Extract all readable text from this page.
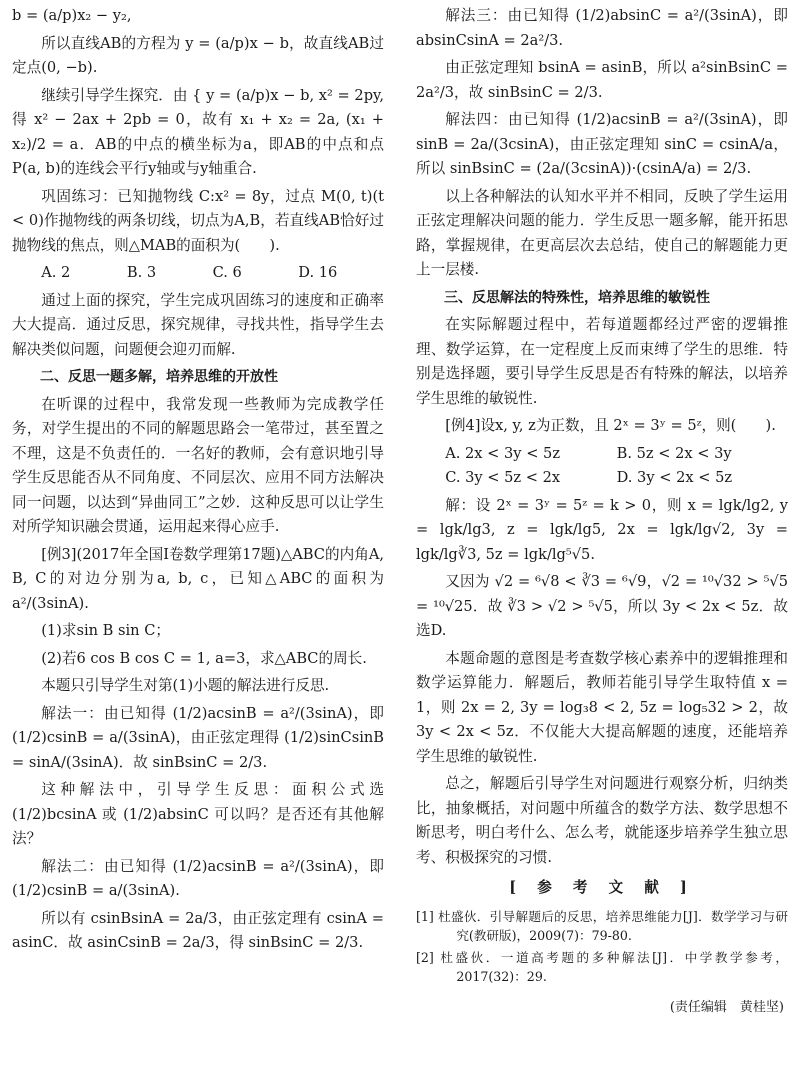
b = (a/p)x₂ − y₂,

所以直线AB的方程为 y = (a/p)x − b，故直线AB过定点(0, −b).

继续引导学生探究．由 { y = (a/p)x − b, x² = 2py, 得 x² − 2ax + 2pb = 0，故有 x₁ + x₂ = 2a, (x₁ + x₂)/2 = a．AB的中点的横坐标为a，即AB的中点和点P(a, b)的连线会平行y轴或与y轴重合.

巩固练习：已知抛物线 C:x² = 8y，过点 M(0, t)(t < 0)作抛物线的两条切线，切点为A,B，若直线AB恰好过抛物线的焦点，则△MAB的面积为(　　).

A. 2	B. 3	C. 6	D. 16

通过上面的探究，学生完成巩固练习的速度和正确率大大提高．通过反思，探究规律，寻找共性，指导学生去解决类似问题，问题便会迎刃而解.

二、反思一题多解，培养思维的开放性

在听课的过程中，我常发现一些教师为完成教学任务，对学生提出的不同的解题思路会一笔带过，甚至置之不理，这是不负责任的．一名好的教师，会有意识地引导学生反思能否从不同角度、不同层次、应用不同方法解决同一问题，以达到“异曲同工”之妙．这种反思可以让学生对所学知识融会贯通，运用起来得心应手.

[例3](2017年全国Ⅰ卷数学理第17题)△ABC的内角A, B, C的对边分别为a, b, c，已知△ABC的面积为 a²/(3sinA).

(1)求sin B sin C；

(2)若6 cos B cos C = 1, a=3，求△ABC的周长.

本题只引导学生对第(1)小题的解法进行反思.

解法一：由已知得 (1/2)acsinB = a²/(3sinA)，即 (1/2)csinB = a/(3sinA)，由正弦定理得 (1/2)sinCsinB = sinA/(3sinA)．故 sinBsinC = 2/3.

这种解法中，引导学生反思：面积公式选 (1/2)bcsinA 或 (1/2)absinC 可以吗？是否还有其他解法？

解法二：由已知得 (1/2)acsinB = a²/(3sinA)，即 (1/2)csinB = a/(3sinA).

所以有 csinBsinA = 2a/3，由正弦定理有 csinA = asinC．故 asinCsinB = 2a/3，得 sinBsinC = 2/3.

解法三：由已知得 (1/2)absinC = a²/(3sinA)，即 absinCsinA = 2a²/3.

由正弦定理知 bsinA = asinB，所以 a²sinBsinC = 2a²/3，故 sinBsinC = 2/3.

解法四：由已知得 (1/2)acsinB = a²/(3sinA)，即 sinB = 2a/(3csinA)，由正弦定理知 sinC = csinA/a，所以 sinBsinC = (2a/(3csinA))·(csinA/a) = 2/3.

以上各种解法的认知水平并不相同，反映了学生运用正弦定理解决问题的能力．学生反思一题多解，能开拓思路，掌握规律，在更高层次去总结，使自己的解题能力更上一层楼.

三、反思解法的特殊性，培养思维的敏锐性

在实际解题过程中，若每道题都经过严密的逻辑推理、数学运算，在一定程度上反而束缚了学生的思维．特别是选择题，要引导学生反思是否有特殊的解法，以培养学生思维的敏锐性.

[例4]设x, y, z为正数，且 2ˣ = 3ʸ = 5ᶻ，则(　　).

A. 2x < 3y < 5z	B. 5z < 2x < 3y
C. 3y < 5z < 2x	D. 3y < 2x < 5z

解：设 2ˣ = 3ʸ = 5ᶻ = k > 0，则 x = lgk/lg2, y = lgk/lg3, z = lgk/lg5, 2x = lgk/lg√2, 3y = lgk/lg∛3, 5z = lgk/lg⁵√5.

又因为 √2 = ⁶√8 < ∛3 = ⁶√9，√2 = ¹⁰√32 > ⁵√5 = ¹⁰√25．故 ∛3 > √2 > ⁵√5，所以 3y < 2x < 5z．故选D.

本题命题的意图是考查数学核心素养中的逻辑推理和数学运算能力．解题后，教师若能引导学生取特值 x = 1，则 2x = 2, 3y = log₃8 < 2, 5z = log₅32 > 2，故 3y < 2x < 5z．不仅能大大提高解题的速度，还能培养学生思维的敏锐性.

总之，解题后引导学生对问题进行观察分析，归纳类比，抽象概括，对问题中所蕴含的数学方法、数学思想不断思考，明白考什么、怎么考，就能逐步培养学生独立思考、积极探究的习惯.

[ 参 考 文 献 ]

[1] 杜盛伙．引导解题后的反思，培养思维能力[J]．数学学习与研究(教研版)，2009(7)：79-80.

[2] 杜盛伙．一道高考题的多种解法[J]．中学教学参考，2017(32)：29.

(责任编辑　黄桂坚)
